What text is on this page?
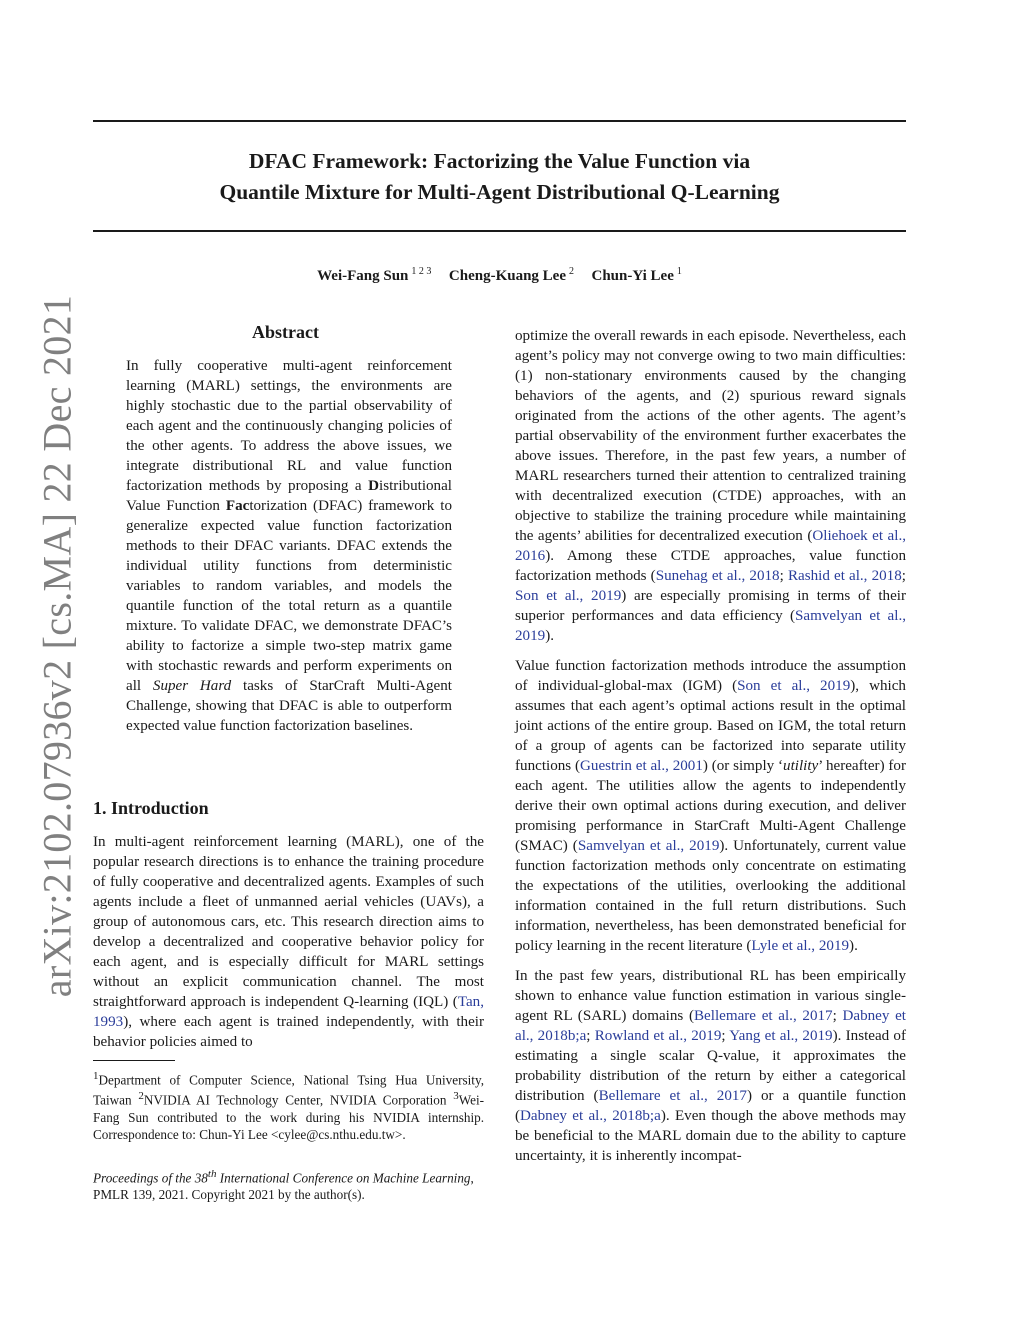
arXiv:2102.07936v2 [cs.MA] 22 Dec 2021
DFAC Framework: Factorizing the Value Function via
Quantile Mixture for Multi-Agent Distributional Q-Learning
Wei-Fang Sun $^{1 2 3}$ Cheng-Kuang Lee $^2$ Chun-Yi Lee $^1$
Abstract

In fully cooperative multi-agent reinforcement learning (MARL) settings, the environments are highly stochastic due to the partial observability of each agent and the continuously changing policies of the other agents. To address the above issues, we integrate distributional RL and value function factorization methods by proposing a Distributional Value Function Factorization (DFAC) framework to generalize expected value function factorization methods to their DFAC variants. DFAC extends the individual utility functions from deterministic variables to random variables, and models the quantile function of the total return as a quantile mixture. To validate DFAC, we demonstrate DFAC’s ability to factorize a simple two-step matrix game with stochastic rewards and perform experiments on all Super Hard tasks of StarCraft Multi-Agent Challenge, showing that DFAC is able to outperform expected value function factorization baselines.

1. Introduction

In multi-agent reinforcement learning (MARL), one of the popular research directions is to enhance the training procedure of fully cooperative and decentralized agents. Examples of such agents include a fleet of unmanned aerial vehicles (UAVs), a group of autonomous cars, etc. This research direction aims to develop a decentralized and cooperative behavior policy for each agent, and is especially difficult for MARL settings without an explicit communication channel. The most straightforward approach is independent Q-learning (IQL) (Tan, 1993), where each agent is trained independently, with their behavior policies aimed to

$^1$Department of Computer Science, National Tsing Hua University, Taiwan $^2$NVIDIA AI Technology Center, NVIDIA Corporation $^3$Wei-Fang Sun contributed to the work during his NVIDIA internship. Correspondence to: Chun-Yi Lee <cylee@cs.nthu.edu.tw>.

Proceedings of the 38th International Conference on Machine Learning, PMLR 139, 2021. Copyright 2021 by the author(s).

optimize the overall rewards in each episode. Nevertheless, each agent’s policy may not converge owing to two main difficulties: (1) non-stationary environments caused by the changing behaviors of the agents, and (2) spurious reward signals originated from the actions of the other agents. The agent’s partial observability of the environment further exacerbates the above issues. Therefore, in the past few years, a number of MARL researchers turned their attention to centralized training with decentralized execution (CTDE) approaches, with an objective to stabilize the training procedure while maintaining the agents’ abilities for decentralized execution (Oliehoek et al., 2016). Among these CTDE approaches, value function factorization methods (Sunehag et al., 2018; Rashid et al., 2018; Son et al., 2019) are especially promising in terms of their superior performances and data efficiency (Samvelyan et al., 2019).

Value function factorization methods introduce the assumption of individual-global-max (IGM) (Son et al., 2019), which assumes that each agent’s optimal actions result in the optimal joint actions of the entire group. Based on IGM, the total return of a group of agents can be factorized into separate utility functions (Guestrin et al., 2001) (or simply ‘utility’ hereafter) for each agent. The utilities allow the agents to independently derive their own optimal actions during execution, and deliver promising performance in StarCraft Multi-Agent Challenge (SMAC) (Samvelyan et al., 2019). Unfortunately, current value function factorization methods only concentrate on estimating the expectations of the utilities, overlooking the additional information contained in the full return distributions. Such information, nevertheless, has been demonstrated beneficial for policy learning in the recent literature (Lyle et al., 2019).

In the past few years, distributional RL has been empirically shown to enhance value function estimation in various single-agent RL (SARL) domains (Bellemare et al., 2017; Dabney et al., 2018b;a; Rowland et al., 2019; Yang et al., 2019). Instead of estimating a single scalar Q-value, it approximates the probability distribution of the return by either a categorical distribution (Bellemare et al., 2017) or a quantile function (Dabney et al., 2018b;a). Even though the above methods may be beneficial to the MARL domain due to the ability to capture uncertainty, it is inherently incompat-
